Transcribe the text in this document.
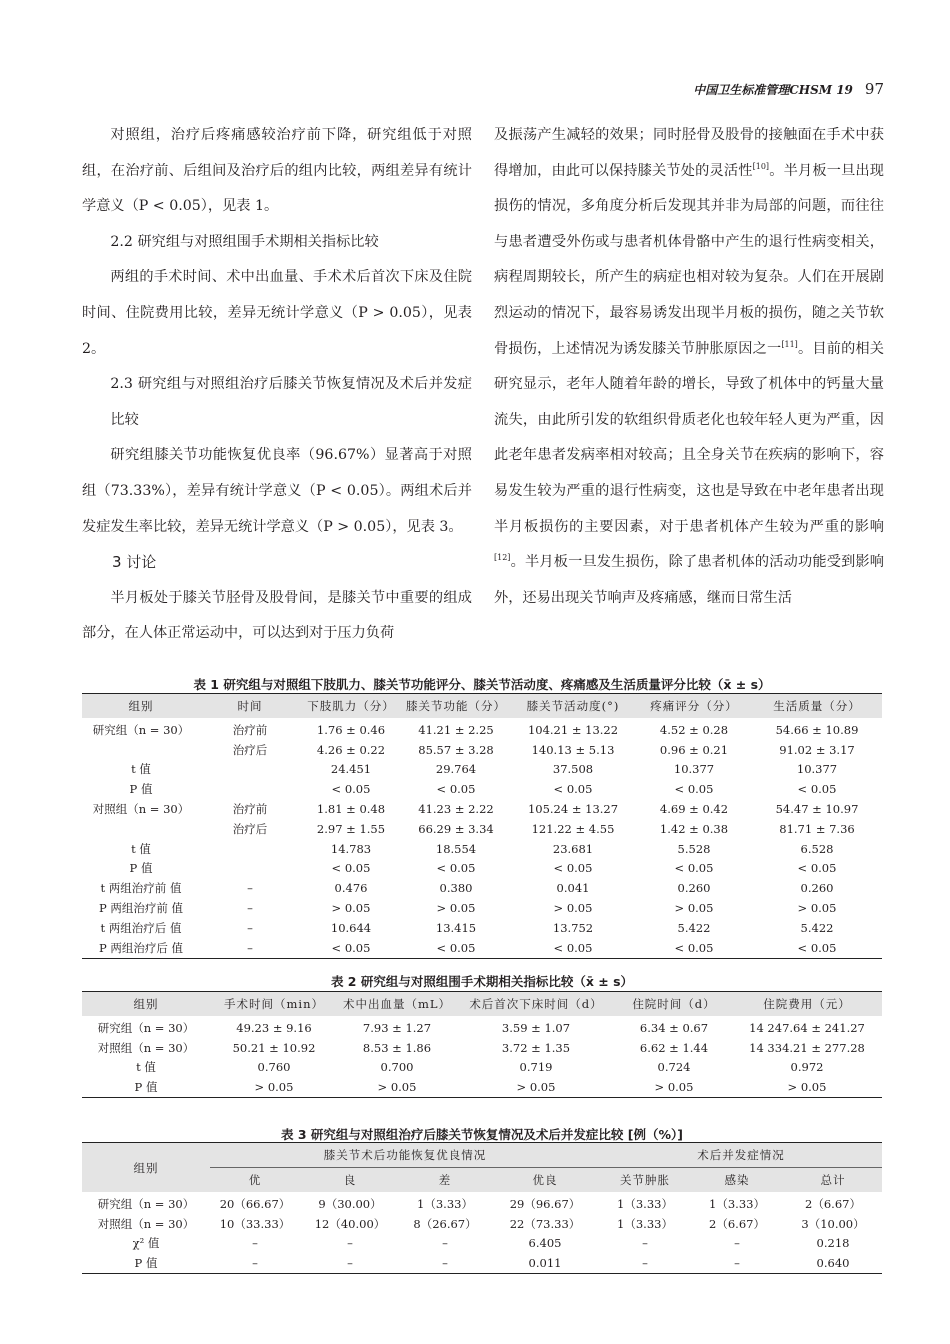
中国卫生标准管理CHSM 19 97

对照组，治疗后疼痛感较治疗前下降，研究组低于对照组，在治疗前、后组间及治疗后的组内比较，两组差异有统计学意义（P < 0.05），见表 1。

2.2 研究组与对照组围手术期相关指标比较

两组的手术时间、术中出血量、手术术后首次下床及住院时间、住院费用比较，差异无统计学意义（P > 0.05），见表 2。

2.3 研究组与对照组治疗后膝关节恢复情况及术后并发症比较

研究组膝关节功能恢复优良率（96.67%）显著高于对照组（73.33%），差异有统计学意义（P < 0.05）。两组术后并发症发生率比较，差异无统计学意义（P > 0.05），见表 3。

3 讨论

半月板处于膝关节胫骨及股骨间，是膝关节中重要的组成部分，在人体正常运动中，可以达到对于压力负荷

及振荡产生减轻的效果；同时胫骨及股骨的接触面在手术中获得增加，由此可以保持膝关节处的灵活性[10]。半月板一旦出现损伤的情况，多角度分析后发现其并非为局部的问题，而往往与患者遭受外伤或与患者机体骨骼中产生的退行性病变相关，病程周期较长，所产生的病症也相对较为复杂。人们在开展剧烈运动的情况下，最容易诱发出现半月板的损伤，随之关节软骨损伤，上述情况为诱发膝关节肿胀原因之一[11]。目前的相关研究显示，老年人随着年龄的增长，导致了机体中的钙量大量流失，由此所引发的软组织骨质老化也较年轻人更为严重，因此老年患者发病率相对较高；且全身关节在疾病的影响下，容易发生较为严重的退行性病变，这也是导致在中老年患者出现半月板损伤的主要因素，对于患者机体产生较为严重的影响[12]。半月板一旦发生损伤，除了患者机体的活动功能受到影响外，还易出现关节响声及疼痛感，继而日常生活

表 1 研究组与对照组下肢肌力、膝关节功能评分、膝关节活动度、疼痛感及生活质量评分比较（x̄ ± s）
组别	时间	下肢肌力（分）	膝关节功能（分）	膝关节活动度(°)	疼痛评分（分）	生活质量（分）
研究组（n = 30）	治疗前	1.76 ± 0.46	41.21 ± 2.25	104.21 ± 13.22	4.52 ± 0.28	54.66 ± 10.89
	治疗后	4.26 ± 0.22	85.57 ± 3.28	140.13 ± 5.13	0.96 ± 0.21	91.02 ± 3.17
t 值		24.451	29.764	37.508	10.377	10.377
P 值		< 0.05	< 0.05	< 0.05	< 0.05	< 0.05
对照组（n = 30）	治疗前	1.81 ± 0.48	41.23 ± 2.22	105.24 ± 13.27	4.69 ± 0.42	54.47 ± 10.97
	治疗后	2.97 ± 1.55	66.29 ± 3.34	121.22 ± 4.55	1.42 ± 0.38	81.71 ± 7.36
t 值		14.783	18.554	23.681	5.528	6.528
P 值		< 0.05	< 0.05	< 0.05	< 0.05	< 0.05
t 两组治疗前 值	–	0.476	0.380	0.041	0.260	0.260
P 两组治疗前 值	–	> 0.05	> 0.05	> 0.05	> 0.05	> 0.05
t 两组治疗后 值	–	10.644	13.415	13.752	5.422	5.422
P 两组治疗后 值	–	< 0.05	< 0.05	< 0.05	< 0.05	< 0.05
表 2 研究组与对照组围手术期相关指标比较（x̄ ± s）
组别	手术时间（min）	术中出血量（mL）	术后首次下床时间（d）	住院时间（d）	住院费用（元）
研究组（n = 30）	49.23 ± 9.16	7.93 ± 1.27	3.59 ± 1.07	6.34 ± 0.67	14 247.64 ± 241.27
对照组（n = 30）	50.21 ± 10.92	8.53 ± 1.86	3.72 ± 1.35	6.62 ± 1.44	14 334.21 ± 277.28
t 值	0.760	0.700	0.719	0.724	0.972
P 值	> 0.05	> 0.05	> 0.05	> 0.05	> 0.05
表 3 研究组与对照组治疗后膝关节恢复情况及术后并发症比较 [例（%）]
组别	膝关节术后功能恢复优良情况				术后并发症情况		
	优	良	差	优良	关节肿胀	感染	总计
研究组（n = 30）	20（66.67）	9（30.00）	1（3.33）	29（96.67）	1（3.33）	1（3.33）	2（6.67）
对照组（n = 30）	10（33.33）	12（40.00）	8（26.67）	22（73.33）	1（3.33）	2（6.67）	3（10.00）
χ² 值	–	–	–	6.405	–	–	0.218
P 值	–	–	–	0.011	–	–	0.640
